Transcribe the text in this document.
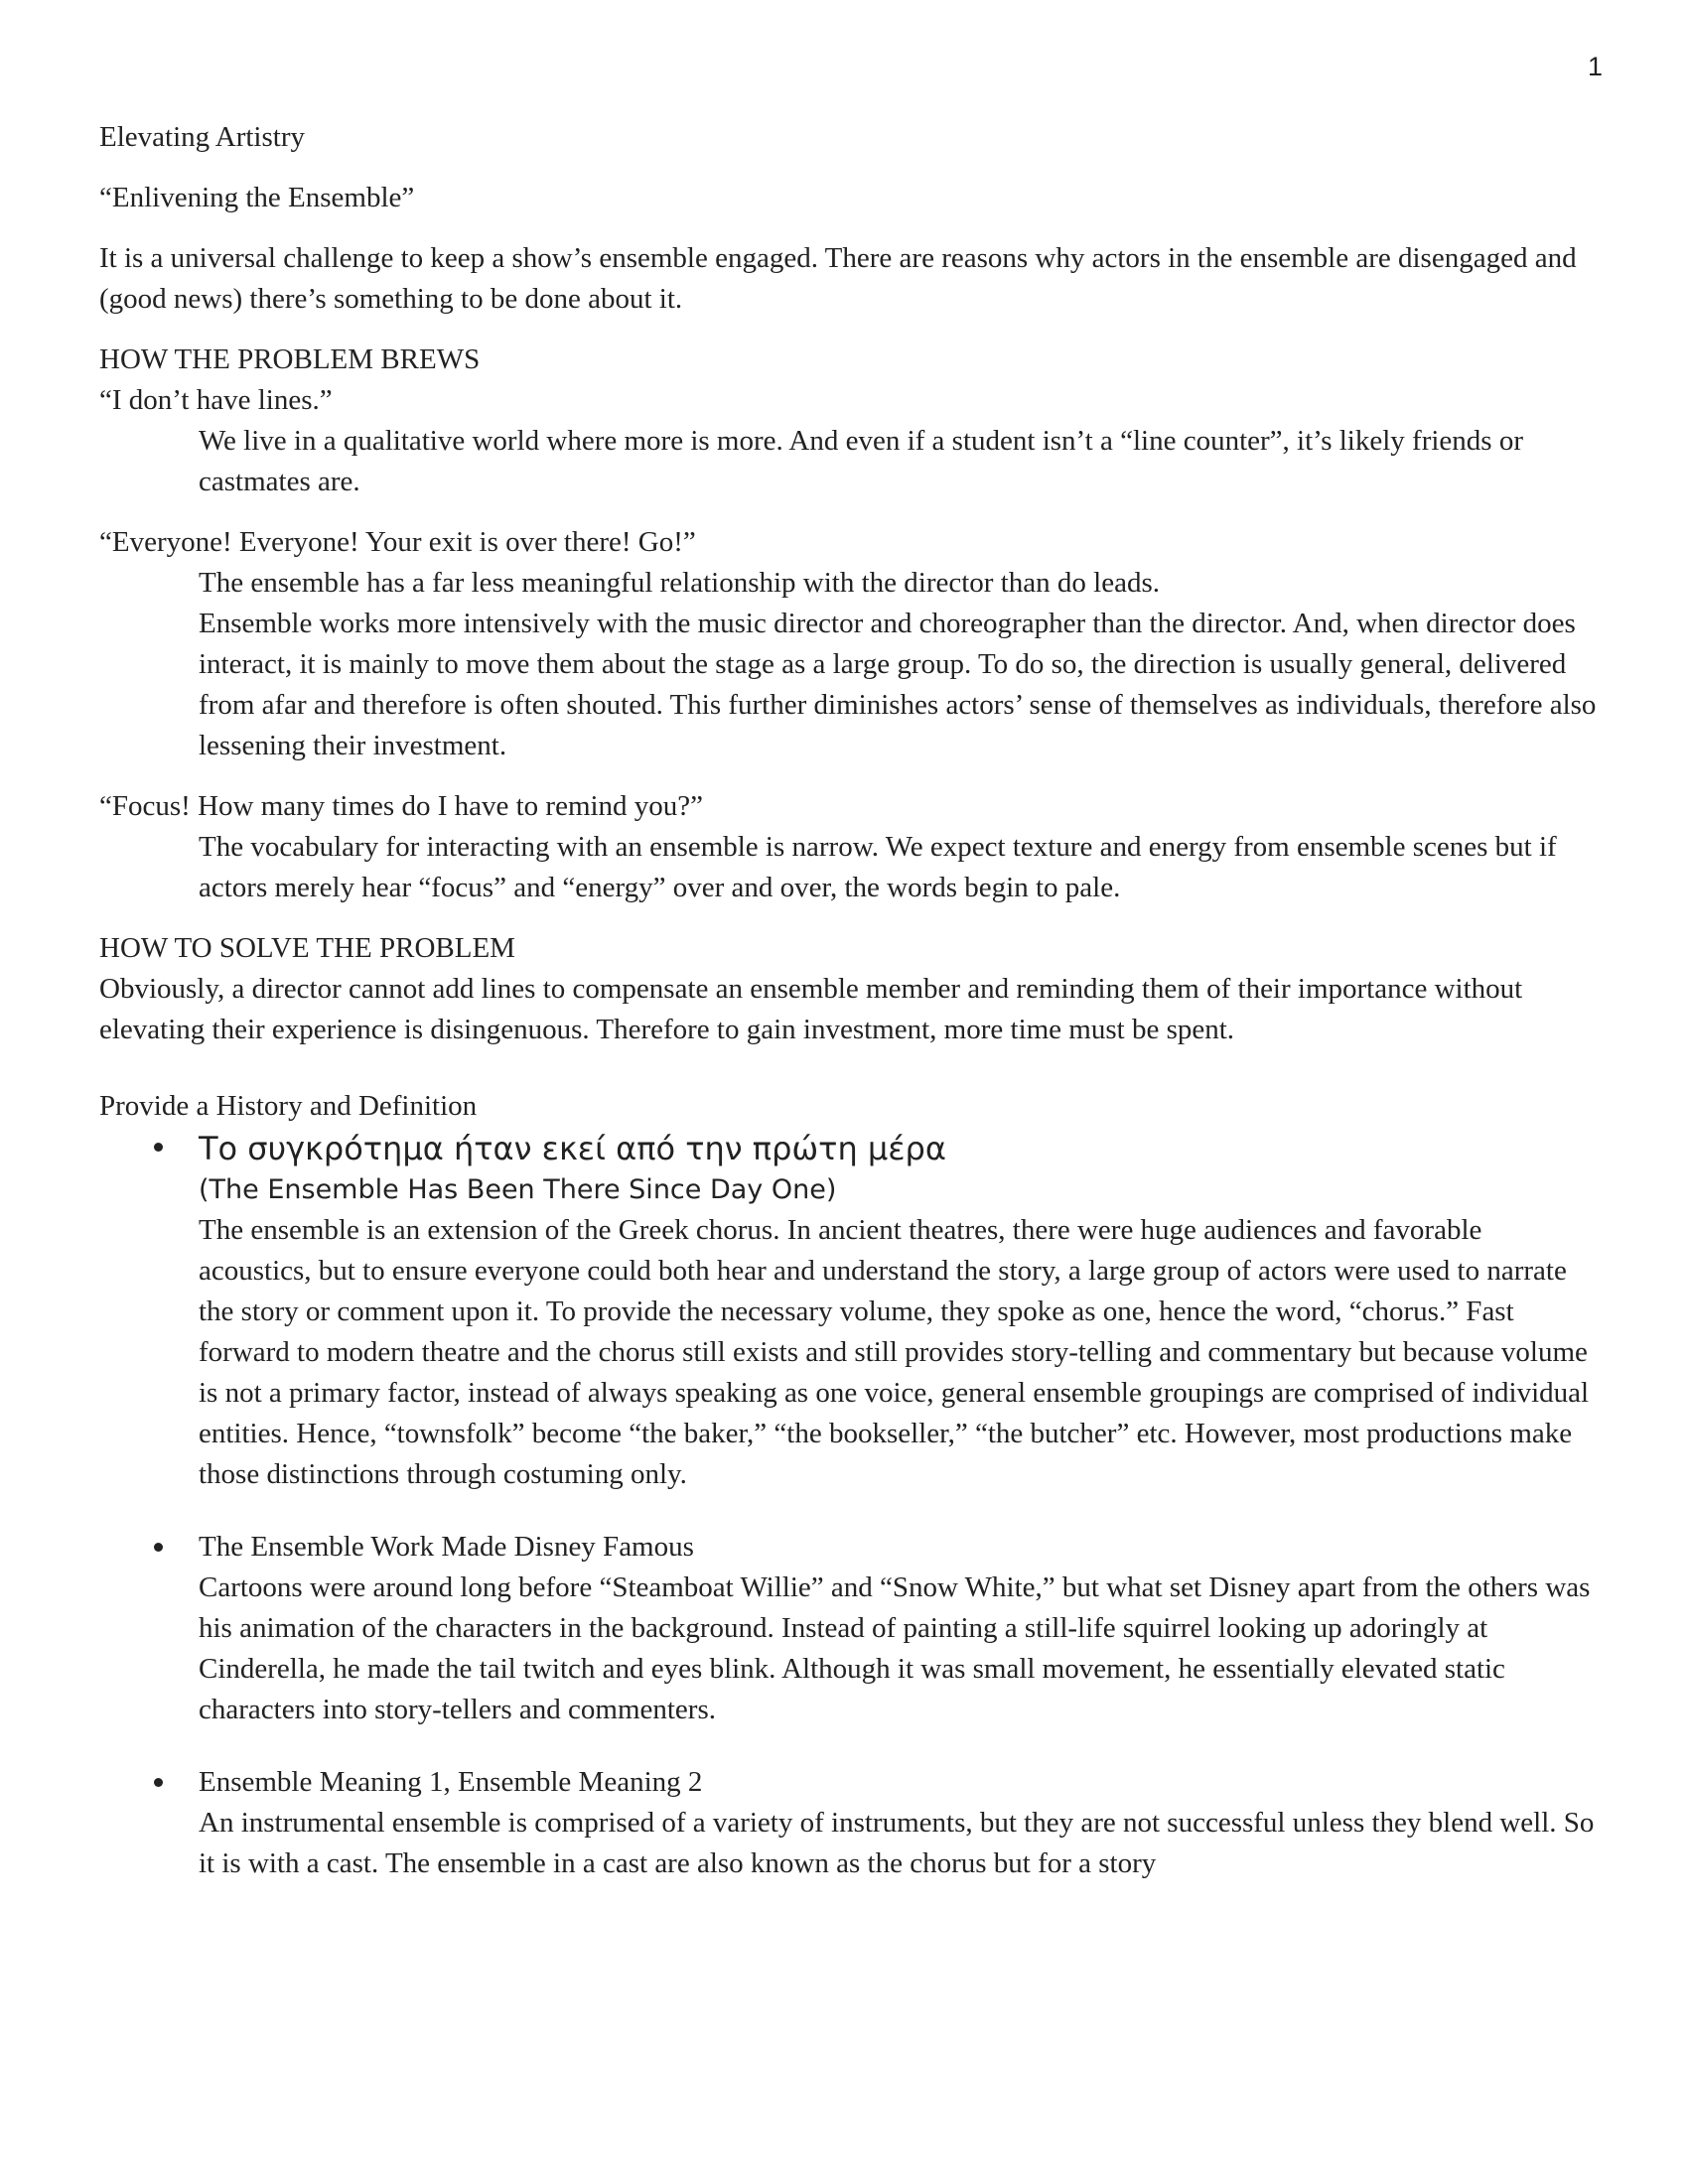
1

Elevating Artistry

“Enlivening the Ensemble”

It is a universal challenge to keep a show’s ensemble engaged. There are reasons why actors in the ensemble are disengaged and (good news) there’s something to be done about it.

HOW THE PROBLEM BREWS

“I don’t have lines.”

We live in a qualitative world where more is more. And even if a student isn’t a “line counter”, it’s likely friends or castmates are.

“Everyone! Everyone! Your exit is over there! Go!”

The ensemble has a far less meaningful relationship with the director than do leads.

Ensemble works more intensively with the music director and choreographer than the director. And, when director does interact, it is mainly to move them about the stage as a large group. To do so, the direction is usually general, delivered from afar and therefore is often shouted. This further diminishes actors’ sense of themselves as individuals, therefore also lessening their investment.

“Focus! How many times do I have to remind you?”

The vocabulary for interacting with an ensemble is narrow. We expect texture and energy from ensemble scenes but if actors merely hear “focus” and “energy” over and over, the words begin to pale.

HOW TO SOLVE THE PROBLEM

Obviously, a director cannot add lines to compensate an ensemble member and reminding them of their importance without elevating their experience is disingenuous. Therefore to gain investment, more time must be spent.

Provide a History and Definition

Το συγκρότημα ήταν εκεί από την πρώτη μέρα
(The Ensemble Has Been There Since Day One)

The ensemble is an extension of the Greek chorus. In ancient theatres, there were huge audiences and favorable acoustics, but to ensure everyone could both hear and understand the story, a large group of actors were used to narrate the story or comment upon it. To provide the necessary volume, they spoke as one, hence the word, “chorus.” Fast forward to modern theatre and the chorus still exists and still provides story-telling and commentary but because volume is not a primary factor, instead of always speaking as one voice, general ensemble groupings are comprised of individual entities. Hence, “townsfolk” become “the baker,” “the bookseller,” “the butcher” etc. However, most productions make those distinctions through costuming only.

The Ensemble Work Made Disney Famous

Cartoons were around long before “Steamboat Willie” and “Snow White,” but what set Disney apart from the others was his animation of the characters in the background. Instead of painting a still-life squirrel looking up adoringly at Cinderella, he made the tail twitch and eyes blink. Although it was small movement, he essentially elevated static characters into story-tellers and commenters.

Ensemble Meaning 1, Ensemble Meaning 2

An instrumental ensemble is comprised of a variety of instruments, but they are not successful unless they blend well. So it is with a cast. The ensemble in a cast are also known as the chorus but for a story
